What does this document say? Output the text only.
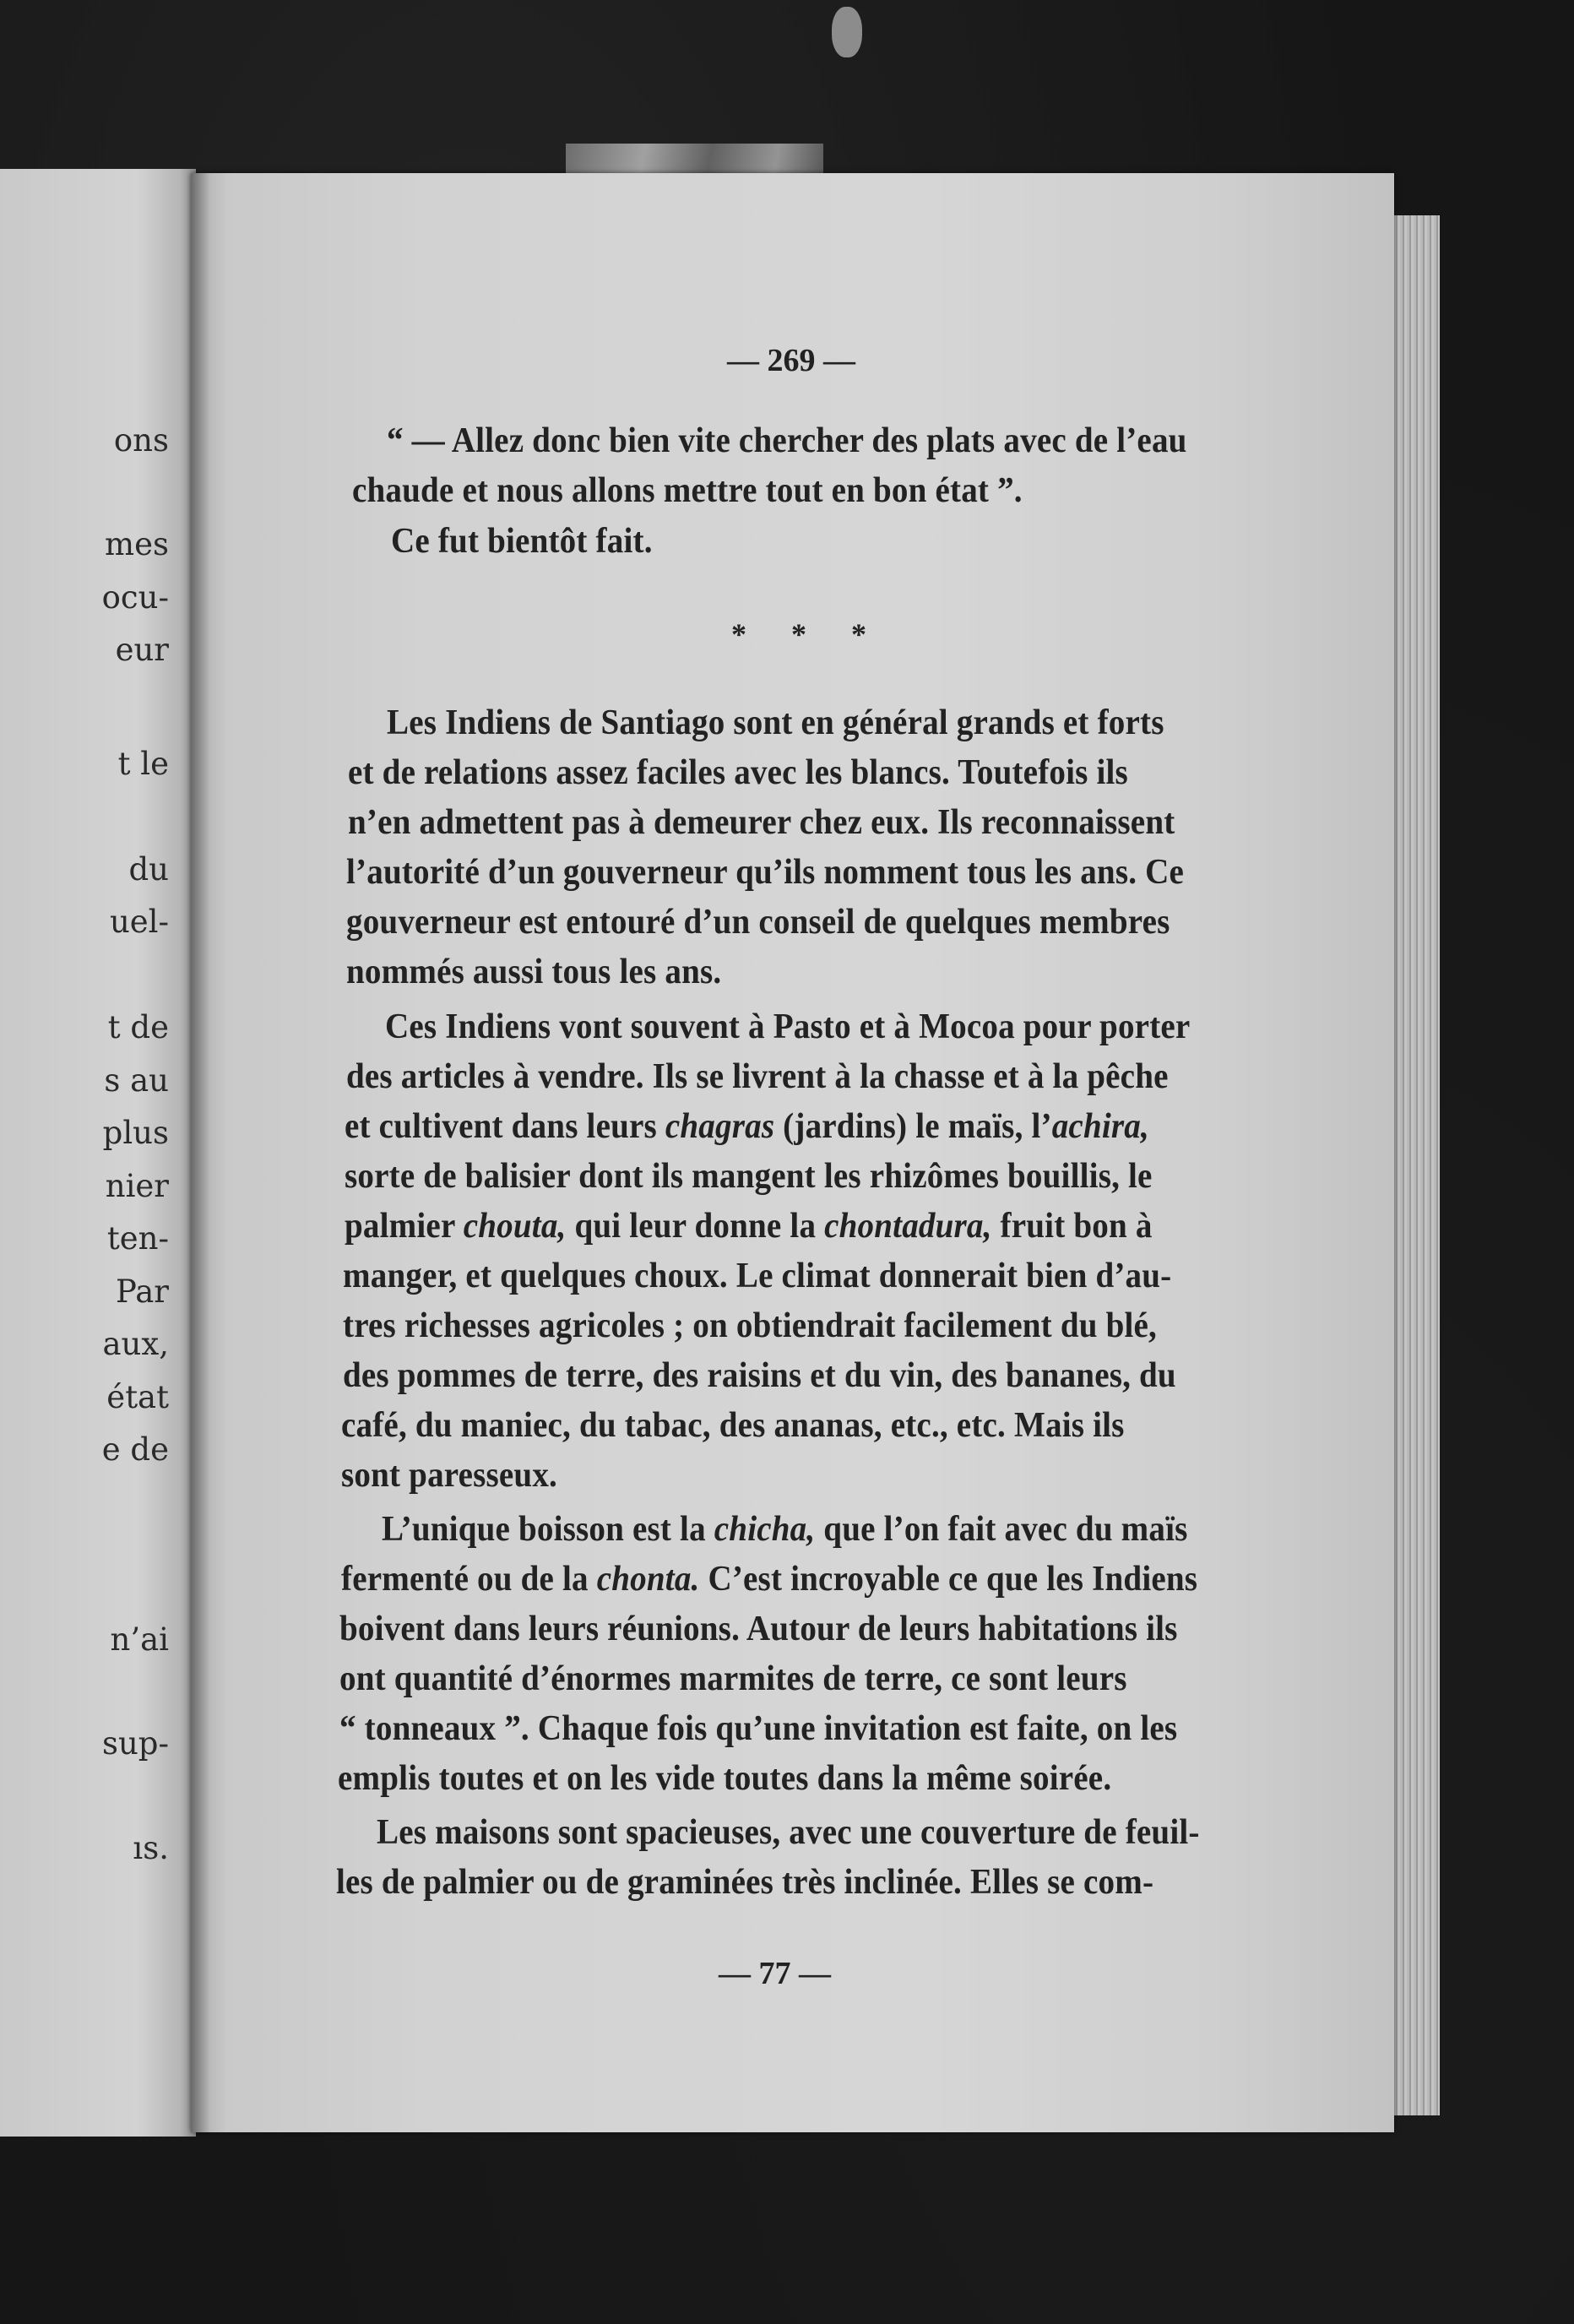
ons
mes
ocu-
eur
t le
du
uel-
t de
s au
plus
nier
ten-
Par
aux,
état
e de
n’ai
sup-
ıs.
— 269 —
“ — Allez donc bien vite chercher des plats avec de l’eau
chaude et nous allons mettre tout en bon état ”.
Ce fut bientôt fait.
* * *
Les Indiens de Santiago sont en général grands et forts
et de relations assez faciles avec les blancs. Toutefois ils
n’en admettent pas à demeurer chez eux. Ils reconnaissent
l’autorité d’un gouverneur qu’ils nomment tous les ans. Ce
gouverneur est entouré d’un conseil de quelques membres
nommés aussi tous les ans.
Ces Indiens vont souvent à Pasto et à Mocoa pour porter
des articles à vendre. Ils se livrent à la chasse et à la pêche
et cultivent dans leurs chagras (jardins) le maïs, l’achira,
sorte de balisier dont ils mangent les rhizômes bouillis, le
palmier chouta, qui leur donne la chontadura, fruit bon à
manger, et quelques choux. Le climat donnerait bien d’au-
tres richesses agricoles ; on obtiendrait facilement du blé,
des pommes de terre, des raisins et du vin, des bananes, du
café, du maniec, du tabac, des ananas, etc., etc. Mais ils
sont paresseux.
L’unique boisson est la chicha, que l’on fait avec du maïs
fermenté ou de la chonta. C’est incroyable ce que les Indiens
boivent dans leurs réunions. Autour de leurs habitations ils
ont quantité d’énormes marmites de terre, ce sont leurs
“ tonneaux ”. Chaque fois qu’une invitation est faite, on les
emplis toutes et on les vide toutes dans la même soirée.
Les maisons sont spacieuses, avec une couverture de feuil-
les de palmier ou de graminées très inclinée. Elles se com-
— 77 —
